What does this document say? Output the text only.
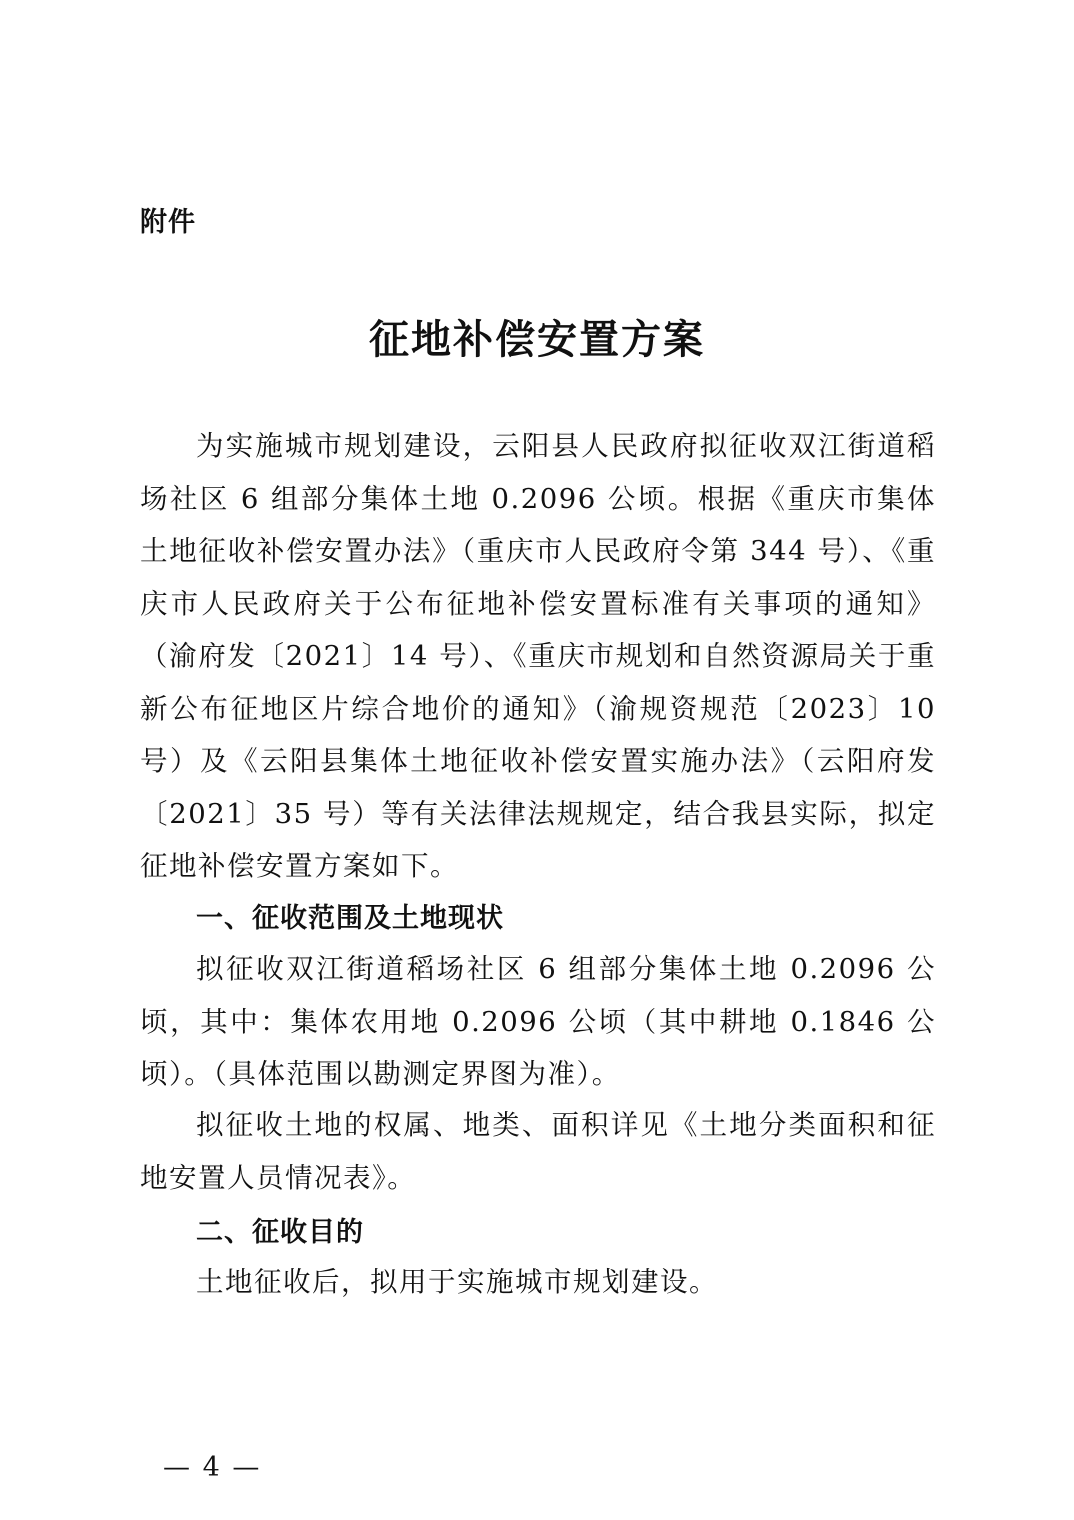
附件
征地补偿安置方案

为实施城市规划建设，云阳县人民政府拟征收双江街道稻场社区 6 组部分集体土地 0.2096 公顷。根据《重庆市集体土地征收补偿安置办法》（重庆市人民政府令第 344 号）、《重庆市人民政府关于公布征地补偿安置标准有关事项的通知》（渝府发〔2021〕14 号）、《重庆市规划和自然资源局关于重新公布征地区片综合地价的通知》（渝规资规范〔2023〕10 号）及《云阳县集体土地征收补偿安置实施办法》（云阳府发〔2021〕35 号）等有关法律法规规定，结合我县实际，拟定征地补偿安置方案如下。

一、征收范围及土地现状

拟征收双江街道稻场社区 6 组部分集体土地 0.2096 公顷，其中：集体农用地 0.2096 公顷（其中耕地 0.1846 公顷）。（具体范围以勘测定界图为准）。

拟征收土地的权属、地类、面积详见《土地分类面积和征地安置人员情况表》。

二、征收目的

土地征收后，拟用于实施城市规划建设。

— 4 —
